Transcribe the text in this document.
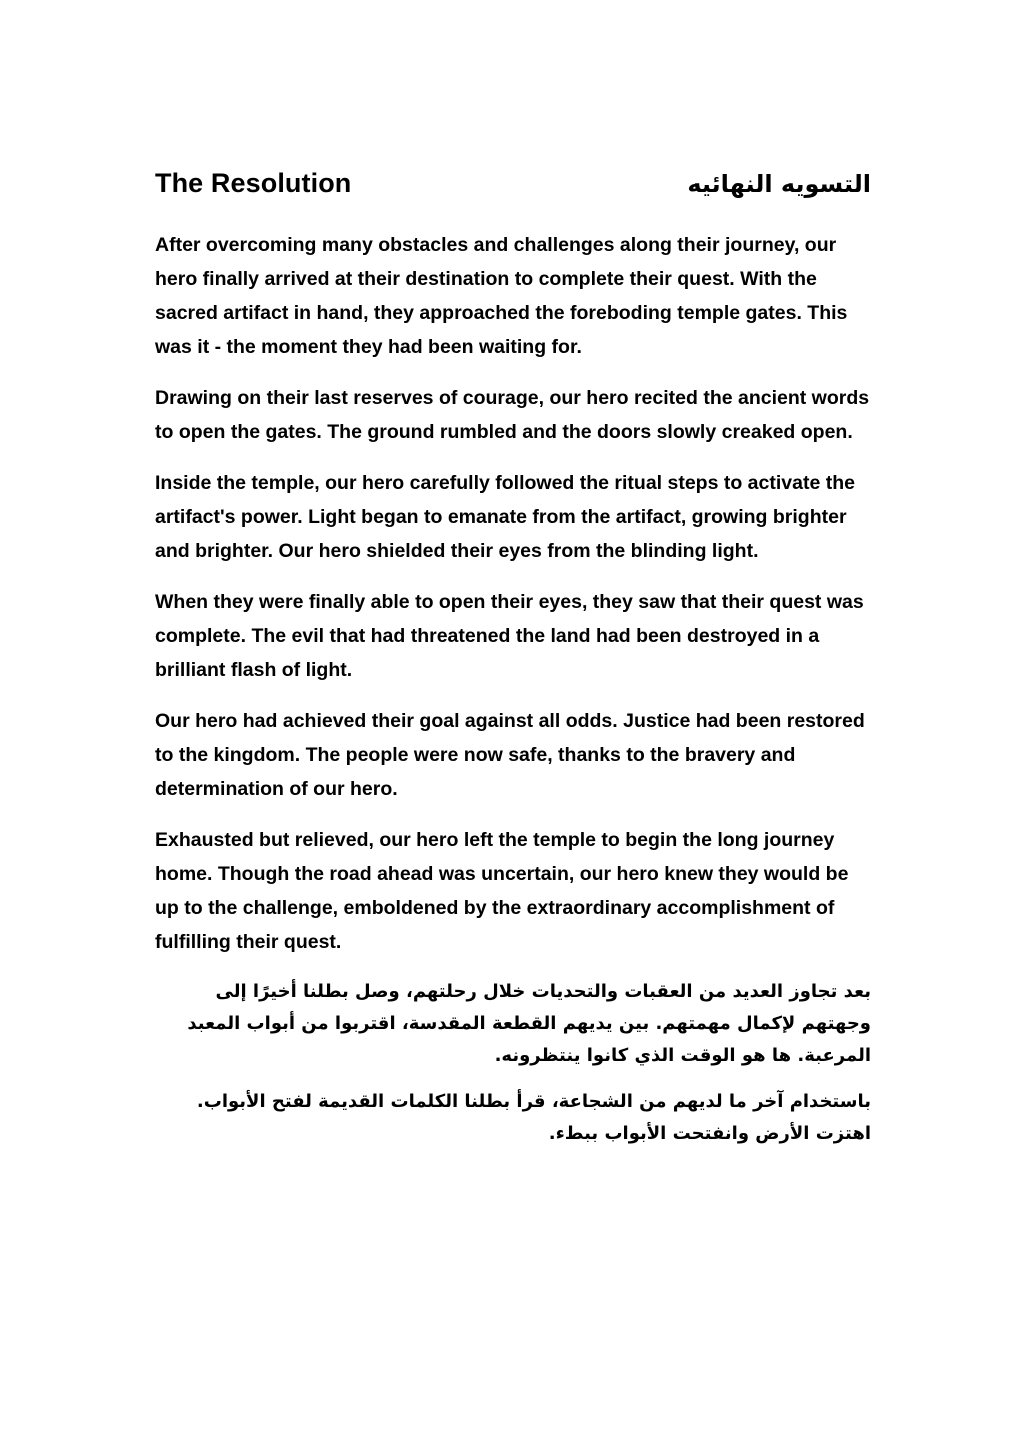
The Resolution	التسويه النهائيه

After overcoming many obstacles and challenges along their journey, our hero finally arrived at their destination to complete their quest. With the sacred artifact in hand, they approached the foreboding temple gates. This was it - the moment they had been waiting for.

Drawing on their last reserves of courage, our hero recited the ancient words to open the gates. The ground rumbled and the doors slowly creaked open.

Inside the temple, our hero carefully followed the ritual steps to activate the artifact's power. Light began to emanate from the artifact, growing brighter and brighter. Our hero shielded their eyes from the blinding light.

When they were finally able to open their eyes, they saw that their quest was complete. The evil that had threatened the land had been destroyed in a brilliant flash of light.

Our hero had achieved their goal against all odds. Justice had been restored to the kingdom. The people were now safe, thanks to the bravery and determination of our hero.

Exhausted but relieved, our hero left the temple to begin the long journey home. Though the road ahead was uncertain, our hero knew they would be up to the challenge, emboldened by the extraordinary accomplishment of fulfilling their quest.

بعد تجاوز العديد من العقبات والتحديات خلال رحلتهم، وصل بطلنا أخيرًا إلى وجهتهم لإكمال مهمتهم. بين يديهم القطعة المقدسة، اقتربوا من أبواب المعبد المرعبة. ها هو الوقت الذي كانوا ينتظرونه.

باستخدام آخر ما لديهم من الشجاعة، قرأ بطلنا الكلمات القديمة لفتح الأبواب. اهتزت الأرض وانفتحت الأبواب ببطء.
